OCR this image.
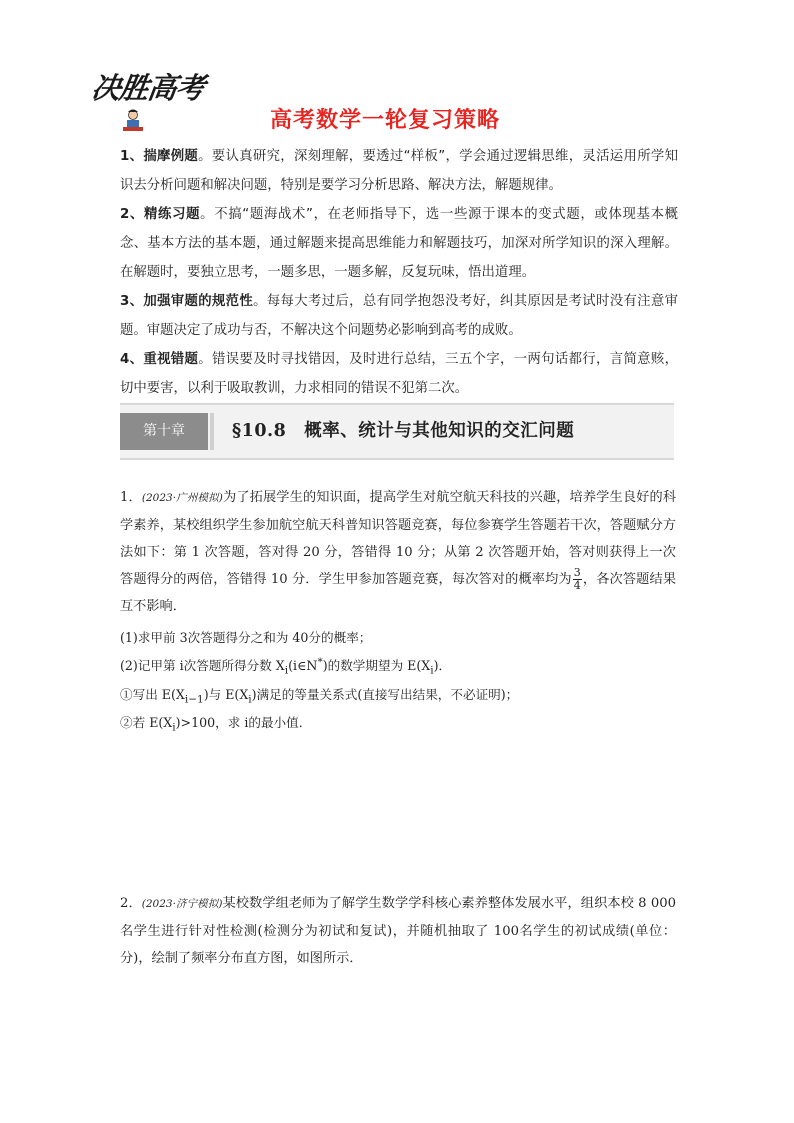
决胜高考
高考数学一轮复习策略

1、揣摩例题。要认真研究，深刻理解，要透过“样板”，学会通过逻辑思维，灵活运用所学知识去分析问题和解决问题，特别是要学习分析思路、解决方法，解题规律。

2、精练习题。不搞“题海战术”，在老师指导下，选一些源于课本的变式题，或体现基本概念、基本方法的基本题，通过解题来提高思维能力和解题技巧，加深对所学知识的深入理解。在解题时，要独立思考，一题多思，一题多解，反复玩味，悟出道理。

3、加强审题的规范性。每每大考过后，总有同学抱怨没考好，纠其原因是考试时没有注意审题。审题决定了成功与否，不解决这个问题势必影响到高考的成败。

4、重视错题。错误要及时寻找错因，及时进行总结，三五个字，一两句话都行，言简意赅，切中要害，以利于吸取教训，力求相同的错误不犯第二次。

第十章	§10.8　概率、统计与其他知识的交汇问题

1．(2023·广州模拟)为了拓展学生的知识面，提高学生对航空航天科技的兴趣，培养学生良好的科学素养，某校组织学生参加航空航天科普知识答题竞赛，每位参赛学生答题若干次，答题赋分方法如下：第 1 次答题，答对得 20 分，答错得 10 分；从第 2 次答题开始，答对则获得上一次答题得分的两倍，答错得 10 分．学生甲参加答题竞赛，每次答对的概率均为 $\frac{3}{4}$ ，各次答题结果互不影响．

(1)求甲前 3次答题得分之和为 40分的概率；

(2)记甲第 i次答题所得分数 $X_i(i\in N^*)$的数学期望为 $E(X_i)$．

①写出 $E(X_{i-1})$与 $E(X_i)$满足的等量关系式(直接写出结果，不必证明)；

②若 $E(X_i)>100$，求 i的最小值．

2．(2023·济宁模拟)某校数学组老师为了解学生数学学科核心素养整体发展水平，组织本校 8 000 名学生进行针对性检测(检测分为初试和复试)，并随机抽取了 100名学生的初试成绩(单位：分)，绘制了频率分布直方图，如图所示．
